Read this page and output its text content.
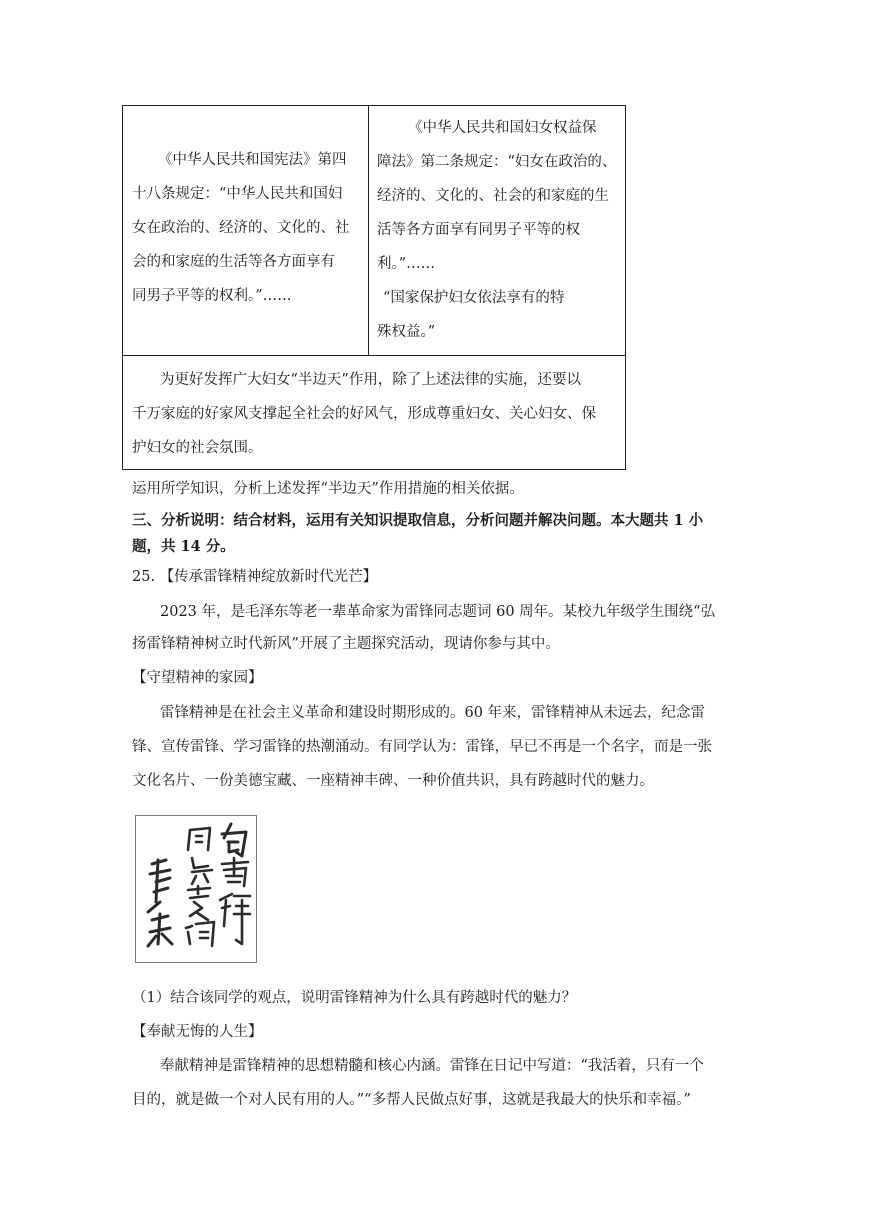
《中华人民共和国宪法》第四
十八条规定：“中华人民共和国妇
女在政治的、经济的、文化的、社
会的和家庭的生活等各方面享有
同男子平等的权利。”……
《中华人民共和国妇女权益保
障法》第二条规定：“妇女在政治的、
经济的、文化的、社会的和家庭的生
活等各方面享有同男子平等的权
利。”……
“国家保护妇女依法享有的特
殊权益。”
为更好发挥广大妇女“半边天”作用，除了上述法律的实施，还要以
千万家庭的好家风支撑起全社会的好风气，形成尊重妇女、关心妇女、保
护妇女的社会氛围。
运用所学知识，分析上述发挥“半边天”作用措施的相关依据。
三、分析说明：结合材料，运用有关知识提取信息，分析问题并解决问题。本大题共 1 小
题，共 14 分。
25. 【传承雷锋精神绽放新时代光芒】
2023 年，是毛泽东等老一辈革命家为雷锋同志题词 60 周年。某校九年级学生围绕“弘
扬雷锋精神树立时代新风”开展了主题探究活动，现请你参与其中。
【守望精神的家园】
雷锋精神是在社会主义革命和建设时期形成的。60 年来，雷锋精神从未远去，纪念雷
锋、宣传雷锋、学习雷锋的热潮涌动。有同学认为：雷锋，早已不再是一个名字，而是一张
文化名片、一份美德宝藏、一座精神丰碑、一种价值共识，具有跨越时代的魅力。
（1）结合该同学的观点，说明雷锋精神为什么具有跨越时代的魅力？
【奉献无悔的人生】
奉献精神是雷锋精神的思想精髓和核心内涵。雷锋在日记中写道：“我活着，只有一个
目的，就是做一个对人民有用的人。”“多帮人民做点好事，这就是我最大的快乐和幸福。”
